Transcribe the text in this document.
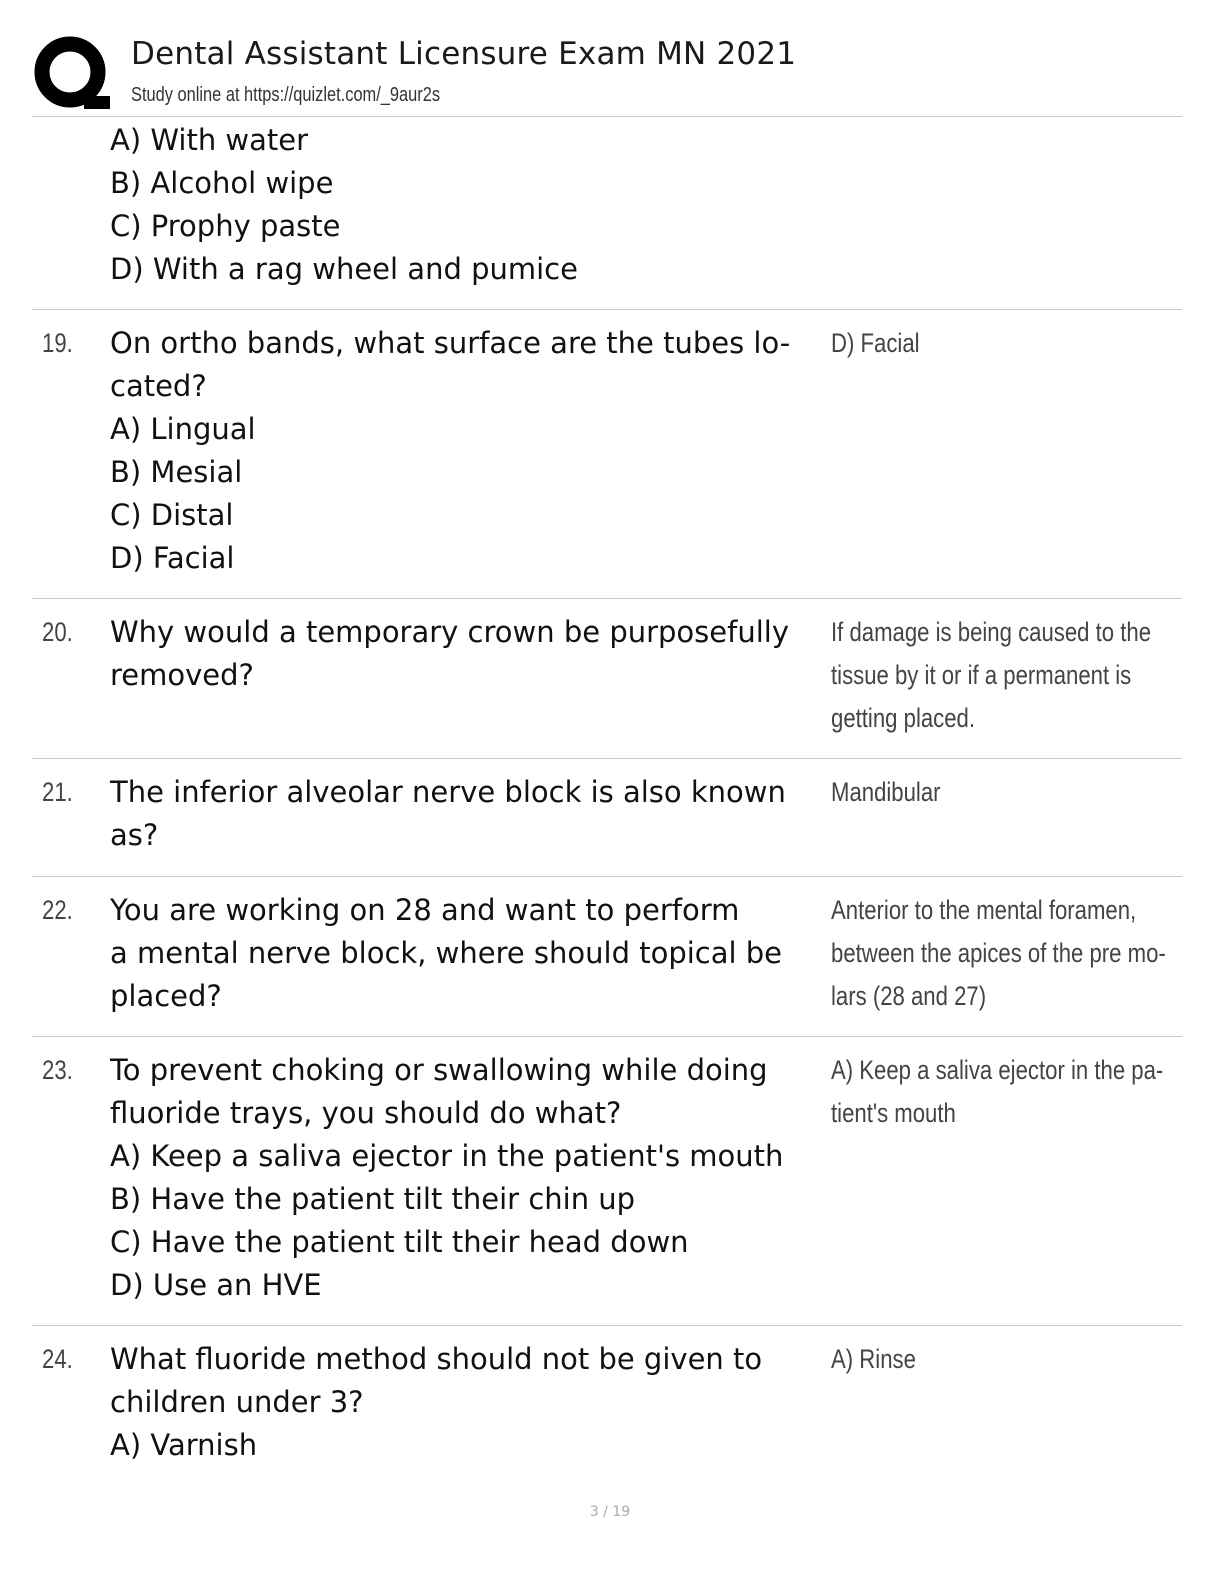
Dental Assistant Licensure Exam MN 2021
Study online at https://quizlet.com/_9aur2s
A) With water
B) Alcohol wipe
C) Prophy paste
D) With a rag wheel and pumice
19. On ortho bands, what surface are the tubes lo-
cated?
A) Lingual
B) Mesial
C) Distal
D) Facial
D) Facial
20. Why would a temporary crown be purposefully
removed?
If damage is being caused to the
tissue by it or if a permanent is
getting placed.
21. The inferior alveolar nerve block is also known
as?
Mandibular
22. You are working on 28 and want to perform
a mental nerve block, where should topical be
placed?
Anterior to the mental foramen,
between the apices of the pre mo-
lars (28 and 27)
23. To prevent choking or swallowing while doing
fluoride trays, you should do what?
A) Keep a saliva ejector in the patient's mouth
B) Have the patient tilt their chin up
C) Have the patient tilt their head down
D) Use an HVE
A) Keep a saliva ejector in the pa-
tient's mouth
24. What fluoride method should not be given to
children under 3?
A) Varnish
A) Rinse
3 / 19
